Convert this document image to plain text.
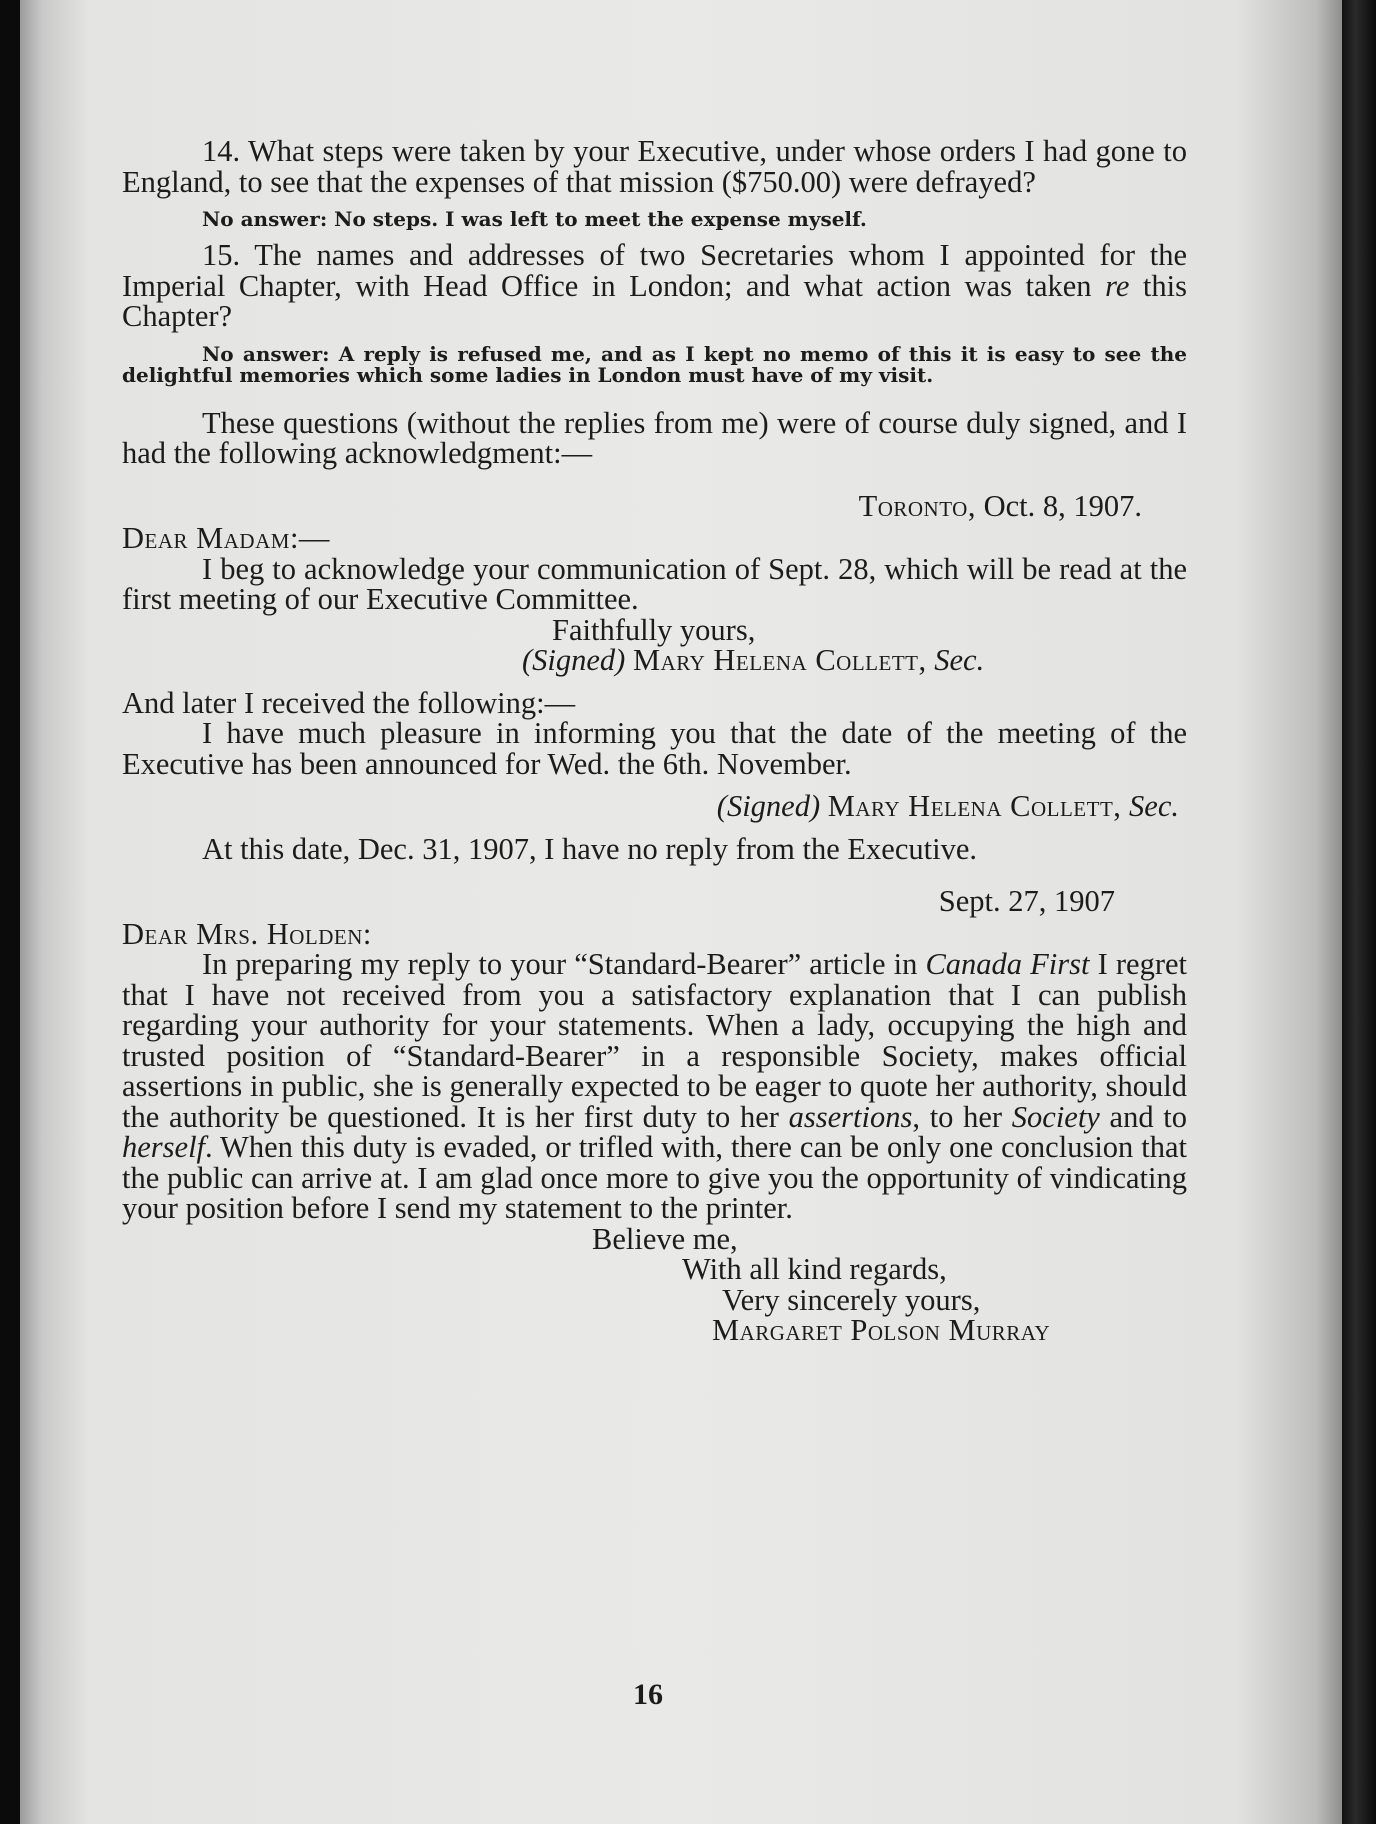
14. What steps were taken by your Executive, under whose orders I had gone to England, to see that the expenses of that mission ($750.00) were defrayed?

No answer: No steps. I was left to meet the expense myself.

15. The names and addresses of two Secretaries whom I appointed for the Imperial Chapter, with Head Office in London; and what action was taken re this Chapter?

No answer: A reply is refused me, and as I kept no memo of this it is easy to see the delightful memories which some ladies in London must have of my visit.

These questions (without the replies from me) were of course duly signed, and I had the following acknowledgment:—

Toronto, Oct. 8, 1907.

Dear Madam:—

I beg to acknowledge your communication of Sept. 28, which will be read at the first meeting of our Executive Committee.

Faithfully yours,

(Signed) Mary Helena Collett, Sec.

And later I received the following:—

I have much pleasure in informing you that the date of the meeting of the Executive has been announced for Wed. the 6th. November.

(Signed) Mary Helena Collett, Sec.

At this date, Dec. 31, 1907, I have no reply from the Executive.

Sept. 27, 1907

Dear Mrs. Holden:

In preparing my reply to your “Standard-Bearer” article in Canada First I regret that I have not received from you a satisfactory explanation that I can publish regarding your authority for your statements. When a lady, occupying the high and trusted position of “Standard-Bearer” in a responsible Society, makes official assertions in public, she is generally expected to be eager to quote her authority, should the authority be questioned. It is her first duty to her assertions, to her Society and to herself. When this duty is evaded, or trifled with, there can be only one conclusion that the public can arrive at. I am glad once more to give you the opportunity of vindicating your position before I send my statement to the printer.

Believe me,

With all kind regards,

Very sincerely yours,

Margaret Polson Murray

16
